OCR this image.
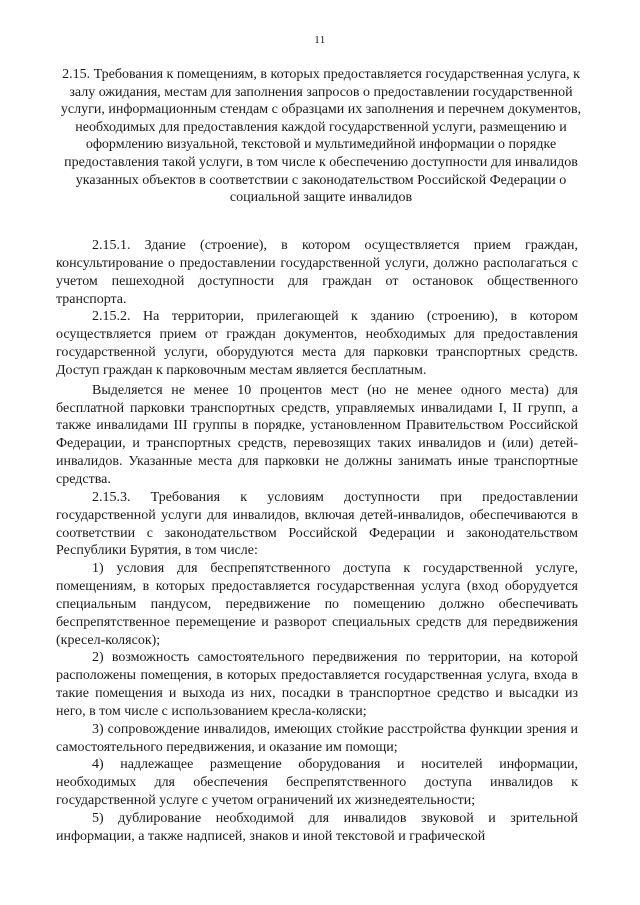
11
2.15. Требования к помещениям, в которых предоставляется государственная услуга, к залу ожидания, местам для заполнения запросов о предоставлении государственной услуги, информационным стендам с образцами их заполнения и перечнем документов, необходимых для предоставления каждой государственной услуги, размещению и оформлению визуальной, текстовой и мультимедийной информации о порядке предоставления такой услуги, в том числе к обеспечению доступности для инвалидов указанных объектов в соответствии с законодательством Российской Федерации о социальной защите инвалидов

2.15.1. Здание (строение), в котором осуществляется прием граждан, консультирование о предоставлении государственной услуги, должно располагаться с учетом пешеходной доступности для граждан от остановок общественного транспорта.

2.15.2. На территории, прилегающей к зданию (строению), в котором осуществляется прием от граждан документов, необходимых для предоставления государственной услуги, оборудуются места для парковки транспортных средств. Доступ граждан к парковочным местам является бесплатным.

Выделяется не менее 10 процентов мест (но не менее одного места) для бесплатной парковки транспортных средств, управляемых инвалидами I, II групп, а также инвалидами III группы в порядке, установленном Правительством Российской Федерации, и транспортных средств, перевозящих таких инвалидов и (или) детей-инвалидов. Указанные места для парковки не должны занимать иные транспортные средства.

2.15.3. Требования к условиям доступности при предоставлении государственной услуги для инвалидов, включая детей-инвалидов, обеспечиваются в соответствии с законодательством Российской Федерации и законодательством Республики Бурятия, в том числе:

1) условия для беспрепятственного доступа к государственной услуге, помещениям, в которых предоставляется государственная услуга (вход оборудуется специальным пандусом, передвижение по помещению должно обеспечивать беспрепятственное перемещение и разворот специальных средств для передвижения (кресел-колясок);

2) возможность самостоятельного передвижения по территории, на которой расположены помещения, в которых предоставляется государственная услуга, входа в такие помещения и выхода из них, посадки в транспортное средство и высадки из него, в том числе с использованием кресла-коляски;

3) сопровождение инвалидов, имеющих стойкие расстройства функции зрения и самостоятельного передвижения, и оказание им помощи;

4) надлежащее размещение оборудования и носителей информации, необходимых для обеспечения беспрепятственного доступа инвалидов к государственной услуге с учетом ограничений их жизнедеятельности;

5) дублирование необходимой для инвалидов звуковой и зрительной информации, а также надписей, знаков и иной текстовой и графической
